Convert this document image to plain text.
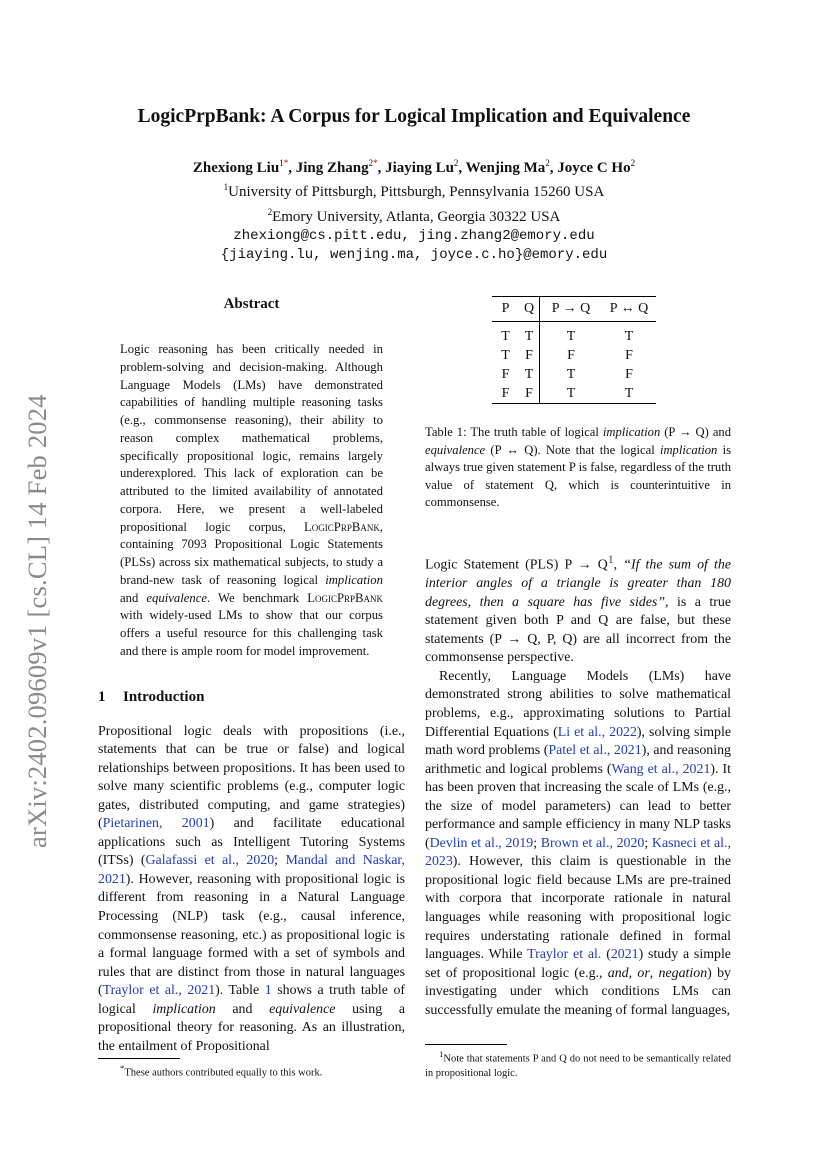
arXiv:2402.09609v1 [cs.CL] 14 Feb 2024
LogicPrpBank: A Corpus for Logical Implication and Equivalence
Zhexiong Liu$^{1*}$, Jing Zhang$^{2*}$, Jiaying Lu$^2$, Wenjing Ma$^2$, Joyce C Ho$^2$
$^1$University of Pittsburgh, Pittsburgh, Pennsylvania 15260 USA
$^2$Emory University, Atlanta, Georgia 30322 USA
zhexiong@cs.pitt.edu, jing.zhang2@emory.edu
{jiaying.lu, wenjing.ma, joyce.c.ho}@emory.edu
Abstract
Logic reasoning has been critically needed in problem-solving and decision-making. Although Language Models (LMs) have demonstrated capabilities of handling multiple reasoning tasks (e.g., commonsense reasoning), their ability to reason complex mathematical problems, specifically propositional logic, remains largely underexplored. This lack of exploration can be attributed to the limited availability of annotated corpora. Here, we present a well-labeled propositional logic corpus, LogicPrpBank, containing 7093 Propositional Logic Statements (PLSs) across six mathematical subjects, to study a brand-new task of reasoning logical implication and equivalence. We benchmark LogicPrpBank with widely-used LMs to show that our corpus offers a useful resource for this challenging task and there is ample room for model improvement.
1 Introduction
Propositional logic deals with propositions (i.e., statements that can be true or false) and logical relationships between propositions. It has been used to solve many scientific problems (e.g., computer logic gates, distributed computing, and game strategies) (Pietarinen, 2001) and facilitate educational applications such as Intelligent Tutoring Systems (ITSs) (Galafassi et al., 2020; Mandal and Naskar, 2021). However, reasoning with propositional logic is different from reasoning in a Natural Language Processing (NLP) task (e.g., causal inference, commonsense reasoning, etc.) as propositional logic is a formal language formed with a set of symbols and rules that are distinct from those in natural languages (Traylor et al., 2021). Table 1 shows a truth table of logical implication and equivalence using a propositional theory for reasoning. As an illustration, the entailment of Propositional
*These authors contributed equally to this work.
P	Q	P → Q	P ↔ Q
T	T	T	T
T	F	F	F
F	T	T	F
F	F	T	T
Table 1: The truth table of logical implication (P → Q) and equivalence (P ↔ Q). Note that the logical implication is always true given statement P is false, regardless of the truth value of statement Q, which is counterintuitive in commonsense.
Logic Statement (PLS) P → Q$^1$, “If the sum of the interior angles of a triangle is greater than 180 degrees, then a square has five sides”, is a true statement given both P and Q are false, but these statements (P → Q, P, Q) are all incorrect from the commonsense perspective.
Recently, Language Models (LMs) have demonstrated strong abilities to solve mathematical problems, e.g., approximating solutions to Partial Differential Equations (Li et al., 2022), solving simple math word problems (Patel et al., 2021), and reasoning arithmetic and logical problems (Wang et al., 2021). It has been proven that increasing the scale of LMs (e.g., the size of model parameters) can lead to better performance and sample efficiency in many NLP tasks (Devlin et al., 2019; Brown et al., 2020; Kasneci et al., 2023). However, this claim is questionable in the propositional logic field because LMs are pre-trained with corpora that incorporate rationale in natural languages while reasoning with propositional logic requires understating rationale defined in formal languages. While Traylor et al. (2021) study a simple set of propositional logic (e.g., and, or, negation) by investigating under which conditions LMs can successfully emulate the meaning of formal languages,
$^1$Note that statements P and Q do not need to be semantically related in propositional logic.
